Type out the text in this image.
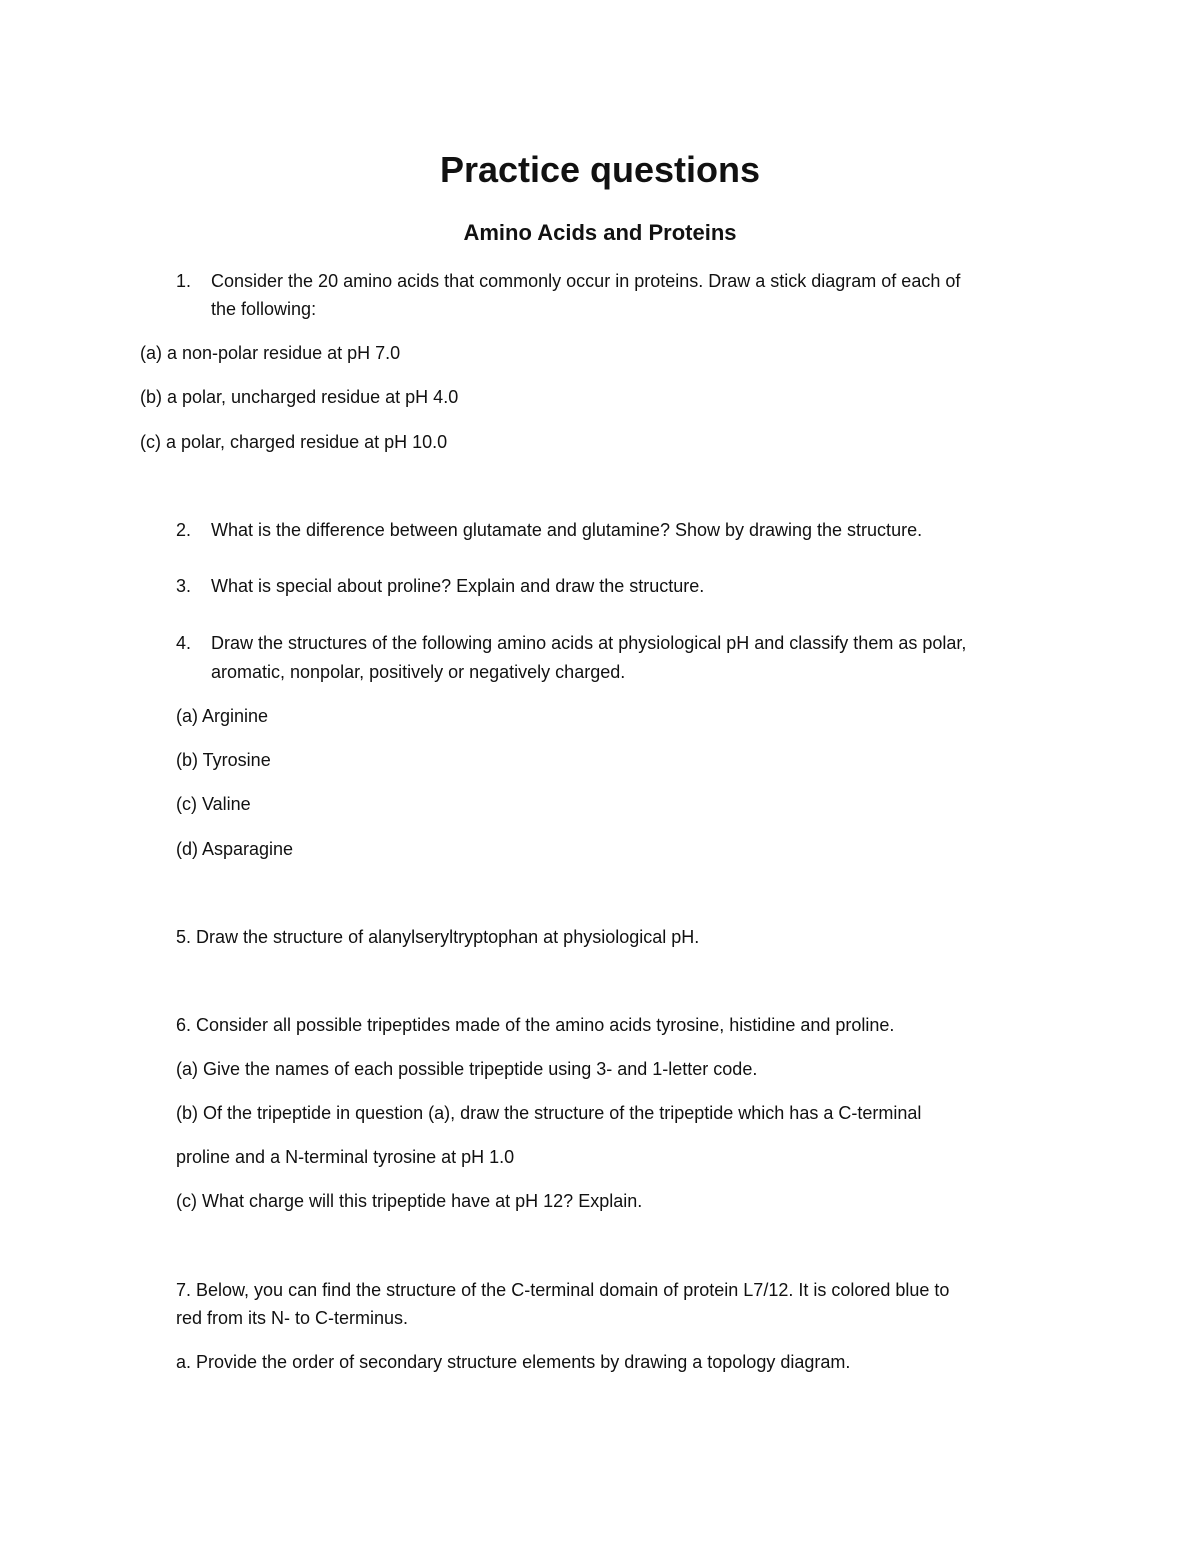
Practice questions
Amino Acids and Proteins
1. Consider the 20 amino acids that commonly occur in proteins. Draw a stick diagram of each of
the following:
(a) a non-polar residue at pH 7.0
(b) a polar, uncharged residue at pH 4.0
(c) a polar, charged residue at pH 10.0
2. What is the difference between glutamate and glutamine? Show by drawing the structure.
3. What is special about proline? Explain and draw the structure.
4. Draw the structures of the following amino acids at physiological pH and classify them as polar,
aromatic, nonpolar, positively or negatively charged.
(a) Arginine
(b) Tyrosine
(c) Valine
(d) Asparagine
5. Draw the structure of alanylseryltryptophan at physiological pH.
6. Consider all possible tripeptides made of the amino acids tyrosine, histidine and proline.
(a) Give the names of each possible tripeptide using 3- and 1-letter code.
(b) Of the tripeptide in question (a), draw the structure of the tripeptide which has a C-terminal
proline and a N-terminal tyrosine at pH 1.0
(c) What charge will this tripeptide have at pH 12? Explain.
7. Below, you can find the structure of the C-terminal domain of protein L7/12. It is colored blue to
red from its N- to C-terminus.
a. Provide the order of secondary structure elements by drawing a topology diagram.
